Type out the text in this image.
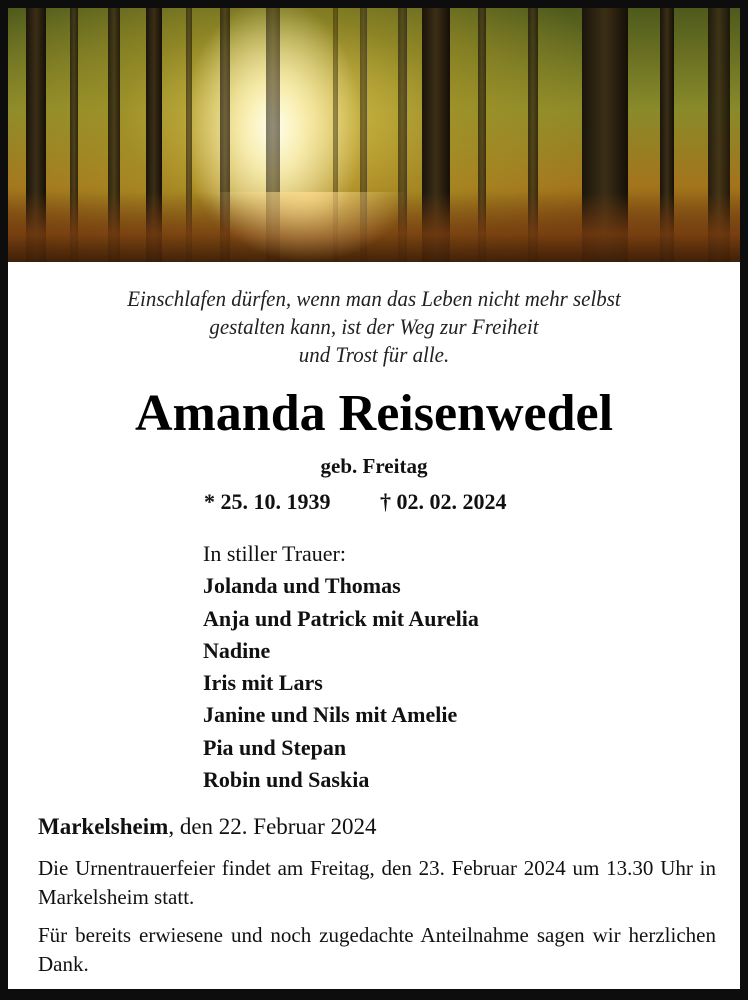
Einschlafen dürfen, wenn man das Leben nicht mehr selbst
gestalten kann, ist der Weg zur Freiheit
und Trost für alle.
Amanda Reisenwedel
geb. Freitag
* 25. 10. 1939 † 02. 02. 2024
In stiller Trauer:
Jolanda und Thomas
Anja und Patrick mit Aurelia
Nadine
Iris mit Lars
Janine und Nils mit Amelie
Pia und Stepan
Robin und Saskia
Markelsheim, den 22. Februar 2024

Die Urnentrauerfeier findet am Freitag, den 23. Februar 2024 um 13.30 Uhr in Markelsheim statt.

Für bereits erwiesene und noch zugedachte Anteilnahme sagen wir herzlichen Dank.
